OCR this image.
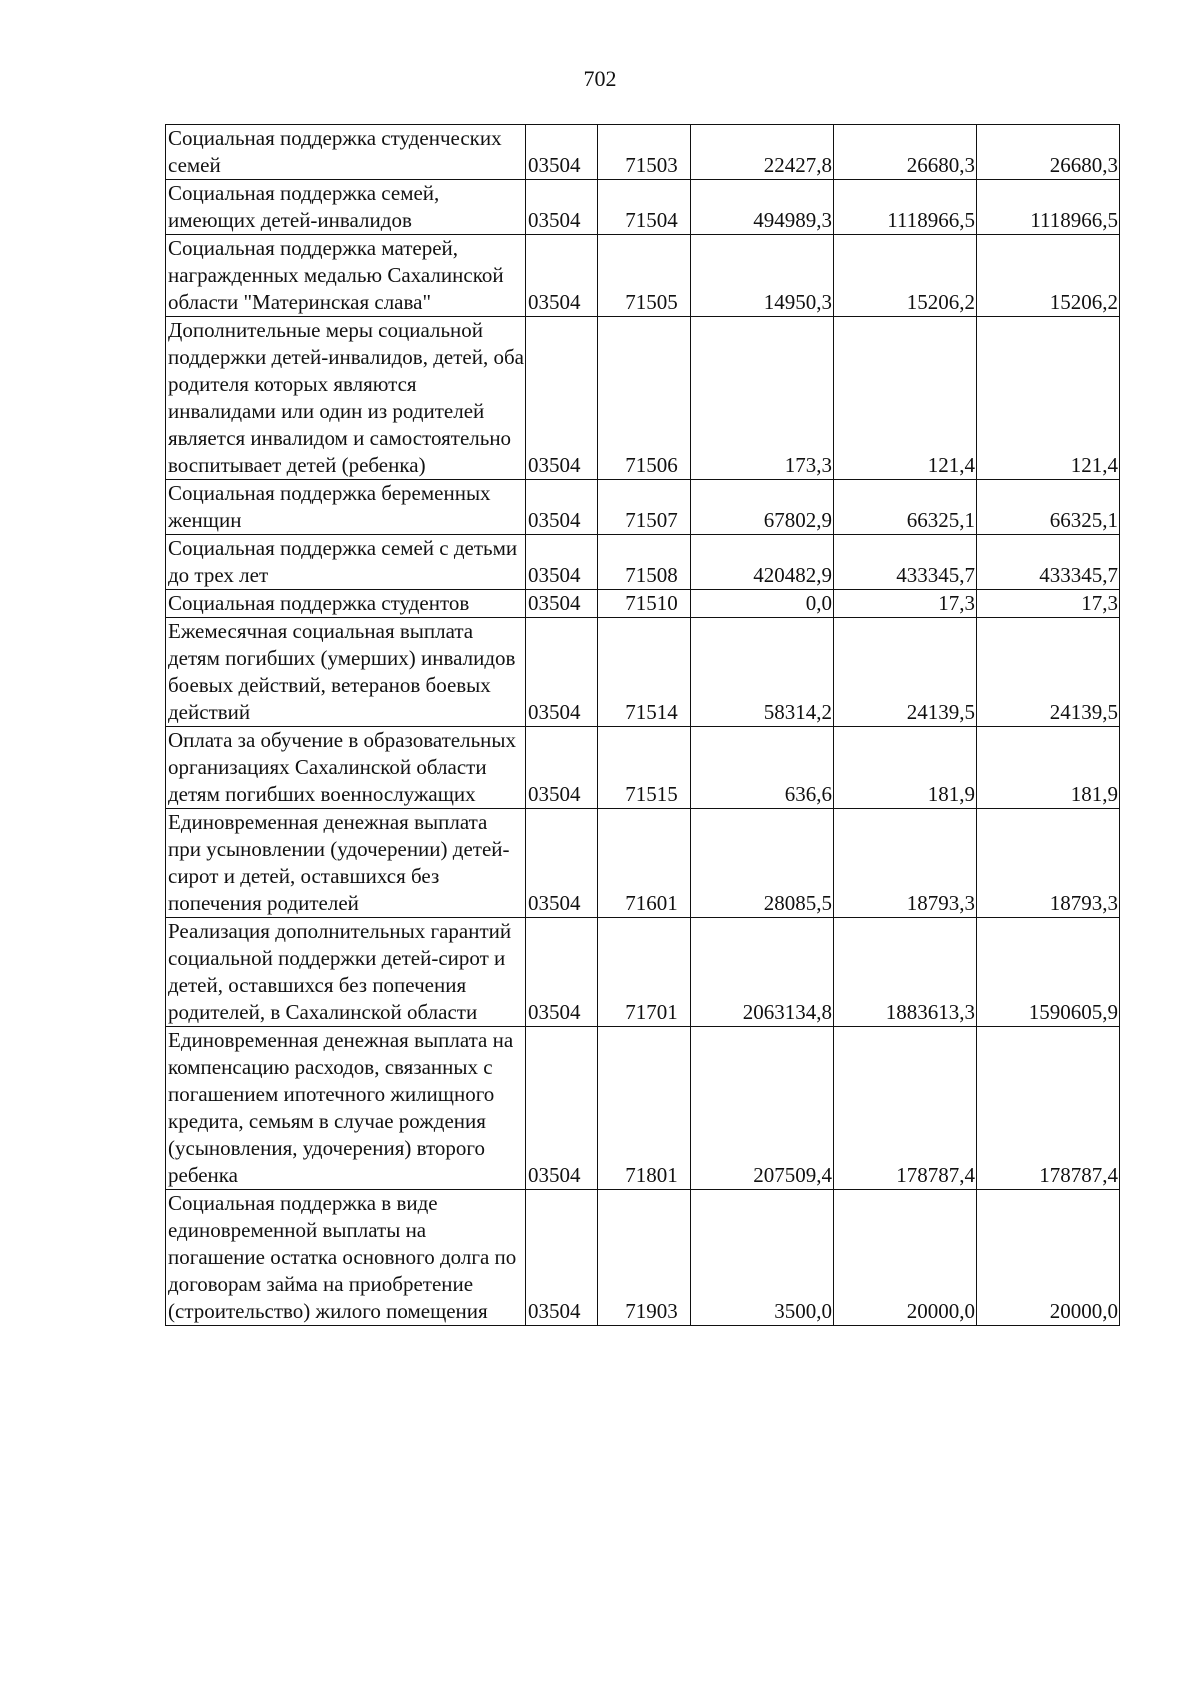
702
Социальная поддержка студенческих семей	03504	71503	22427,8	26680,3	26680,3
Социальная поддержка семей, имеющих детей-инвалидов	03504	71504	494989,3	1118966,5	1118966,5
Социальная поддержка матерей, награжденных медалью Сахалинской области "Материнская слава"	03504	71505	14950,3	15206,2	15206,2
Дополнительные меры социальной поддержки детей-инвалидов, детей, оба родителя которых являются инвалидами или один из родителей является инвалидом и самостоятельно воспитывает детей (ребенка)	03504	71506	173,3	121,4	121,4
Социальная поддержка беременных женщин	03504	71507	67802,9	66325,1	66325,1
Социальная поддержка семей с детьми до трех лет	03504	71508	420482,9	433345,7	433345,7
Социальная поддержка студентов	03504	71510	0,0	17,3	17,3
Ежемесячная социальная выплата детям погибших (умерших) инвалидов боевых действий, ветеранов боевых действий	03504	71514	58314,2	24139,5	24139,5
Оплата за обучение в образовательных организациях Сахалинской области детям погибших военнослужащих	03504	71515	636,6	181,9	181,9
Единовременная денежная выплата при усыновлении (удочерении) детей-сирот и детей, оставшихся без попечения родителей	03504	71601	28085,5	18793,3	18793,3
Реализация дополнительных гарантий социальной поддержки детей-сирот и детей, оставшихся без попечения родителей, в Сахалинской области	03504	71701	2063134,8	1883613,3	1590605,9
Единовременная денежная выплата на компенсацию расходов, связанных с погашением ипотечного жилищного кредита, семьям в случае рождения (усыновления, удочерения) второго ребенка	03504	71801	207509,4	178787,4	178787,4
Социальная поддержка в виде единовременной выплаты на погашение остатка основного долга по договорам займа на приобретение (строительство) жилого помещения	03504	71903	3500,0	20000,0	20000,0
